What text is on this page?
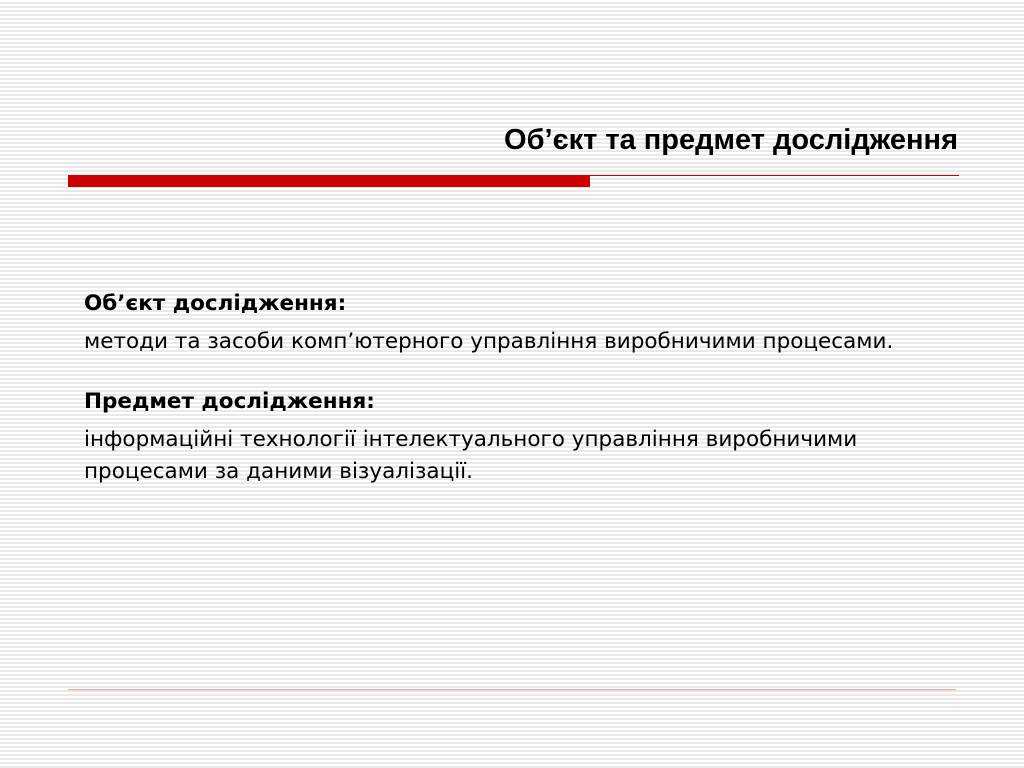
Об’єкт та предмет дослідження
Об’єкт дослідження:
методи та засоби комп’ютерного управління виробничими процесами.
Предмет дослідження:
інформаційні технології інтелектуального управління виробничими процесами за даними візуалізації.
